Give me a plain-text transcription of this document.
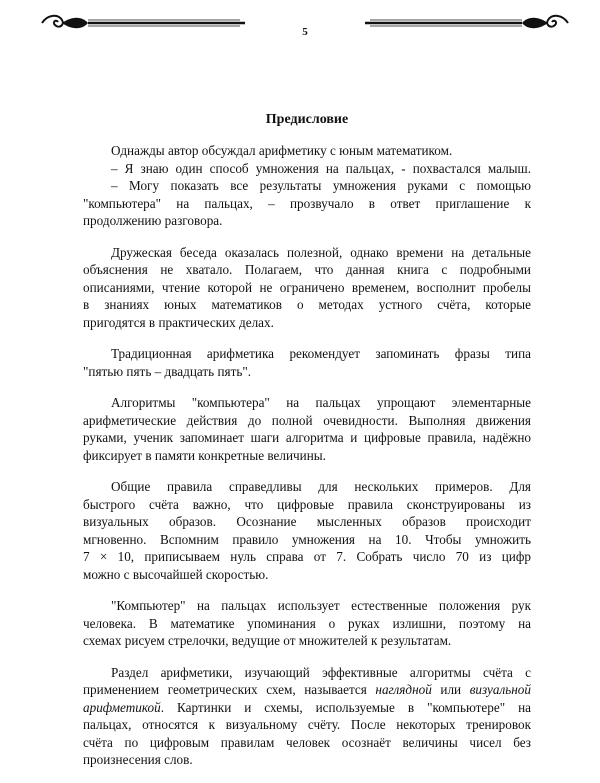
5
Предисловие
Однажды автор обсуждал арифметику с юным математиком.
– Я знаю один способ умножения на пальцах, - похвастался малыш.
– Могу показать все результаты умножения руками с помощью
"компьютера" на пальцах, – прозвучало в ответ приглашение к
продолжению разговора.
Дружеская беседа оказалась полезной, однако времени на детальные
объяснения не хватало. Полагаем, что данная книга с подробными
описаниями, чтение которой не ограничено временем, восполнит пробелы
в знаниях юных математиков о методах устного счёта, которые
пригодятся в практических делах.
Традиционная арифметика рекомендует запоминать фразы типа
"пятью пять – двадцать пять".
Алгоритмы "компьютера" на пальцах упрощают элементарные
арифметические действия до полной очевидности. Выполняя движения
руками, ученик запоминает шаги алгоритма и цифровые правила, надёжно
фиксирует в памяти конкретные величины.
Общие правила справедливы для нескольких примеров. Для
быстрого счёта важно, что цифровые правила сконструированы из
визуальных образов. Осознание мысленных образов происходит
мгновенно. Вспомним правило умножения на 10. Чтобы умножить
7 × 10, приписываем нуль справа от 7. Собрать число 70 из цифр
можно с высочайшей скоростью.
"Компьютер" на пальцах использует естественные положения рук
человека. В математике упоминания о руках излишни, поэтому на
схемах рисуем стрелочки, ведущие от множителей к результатам.
Раздел арифметики, изучающий эффективные алгоритмы счёта с
применением геометрических схем, называется наглядной или визуальной
арифметикой. Картинки и схемы, используемые в "компьютере" на
пальцах, относятся к визуальному счёту. После некоторых тренировок
счёта по цифровым правилам человек осознаёт величины чисел без
произнесения слов.
